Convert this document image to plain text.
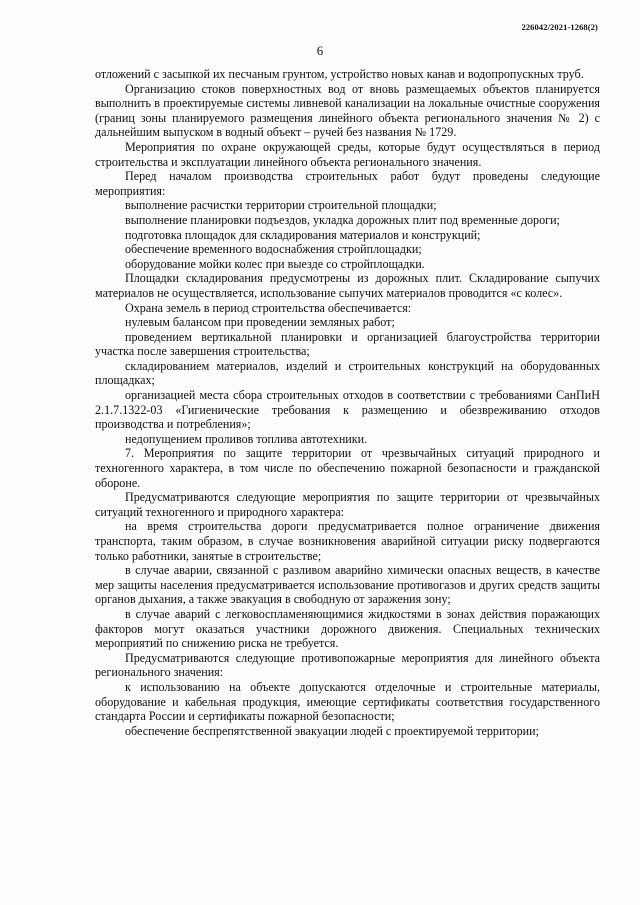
226042/2021-1268(2)
6

отложений с засыпкой их песчаным грунтом, устройство новых канав и водопропускных труб.

Организацию стоков поверхностных вод от вновь размещаемых объектов планируется выполнить в проектируемые системы ливневой канализации на локальные очистные сооружения (границ зоны планируемого размещения линейного объекта регионального значения № 2) с дальнейшим выпуском в водный объект – ручей без названия № 1729.

Мероприятия по охране окружающей среды, которые будут осуществляться в период строительства и эксплуатации линейного объекта регионального значения.

Перед началом производства строительных работ будут проведены следующие мероприятия:

выполнение расчистки территории строительной площадки;

выполнение планировки подъездов, укладка дорожных плит под временные дороги;

подготовка площадок для складирования материалов и конструкций;

обеспечение временного водоснабжения стройплощадки;

оборудование мойки колес при выезде со стройплощадки.

Площадки складирования предусмотрены из дорожных плит. Складирование сыпучих материалов не осуществляется, использование сыпучих материалов проводится «с колес».

Охрана земель в период строительства обеспечивается:

нулевым балансом при проведении земляных работ;

проведением вертикальной планировки и организацией благоустройства территории участка после завершения строительства;

складированием материалов, изделий и строительных конструкций на оборудованных площадках;

организацией места сбора строительных отходов в соответствии с требованиями СанПиН 2.1.7.1322-03 «Гигиенические требования к размещению и обезвреживанию отходов производства и потребления»;

недопущением проливов топлива автотехники.

7. Мероприятия по защите территории от чрезвычайных ситуаций природного и техногенного характера, в том числе по обеспечению пожарной безопасности и гражданской обороне.

Предусматриваются следующие мероприятия по защите территории от чрезвычайных ситуаций техногенного и природного характера:

на время строительства дороги предусматривается полное ограничение движения транспорта, таким образом, в случае возникновения аварийной ситуации риску подвергаются только работники, занятые в строительстве;

в случае аварии, связанной с разливом аварийно химически опасных веществ, в качестве мер защиты населения предусматривается использование противогазов и других средств защиты органов дыхания, а также эвакуация в свободную от заражения зону;

в случае аварий с легковоспламеняющимися жидкостями в зонах действия поражающих факторов могут оказаться участники дорожного движения. Специальных технических мероприятий по снижению риска не требуется.

Предусматриваются следующие противопожарные мероприятия для линейного объекта регионального значения:

к использованию на объекте допускаются отделочные и строительные материалы, оборудование и кабельная продукция, имеющие сертификаты соответствия государственного стандарта России и сертификаты пожарной безопасности;

обеспечение беспрепятственной эвакуации людей с проектируемой территории;
